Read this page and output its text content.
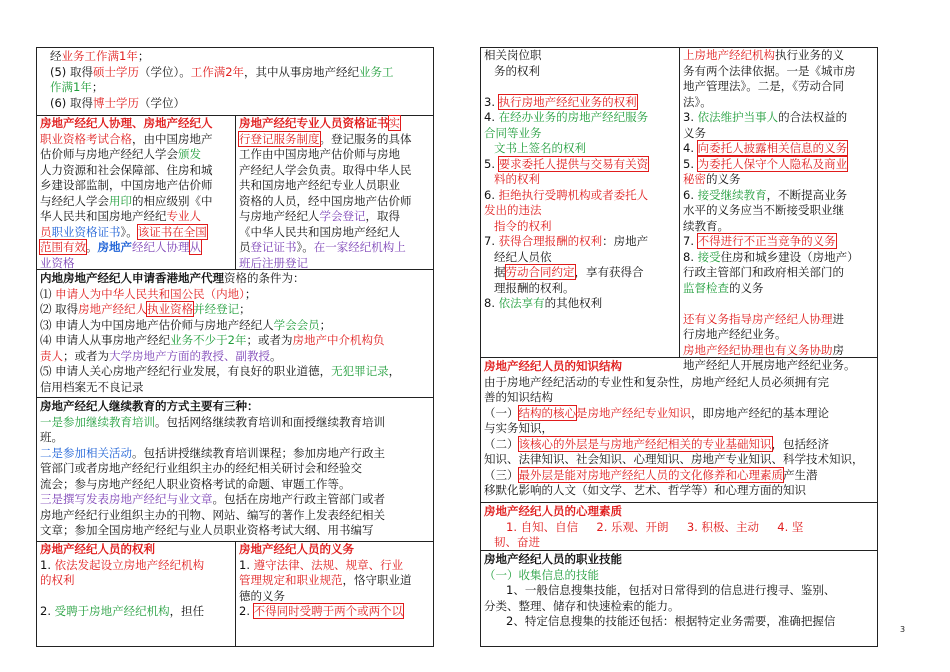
经业务工作满1年；
(5) 取得硕士学历（学位）。工作满2年，其中从事房地产经纪业务工
作满1年；
(6) 取得博士学历（学位）
房地产经纪人协理、房地产经纪人
职业资格考试合格，由中国房地产
估价师与房地产经纪人学会颁发
人力资源和社会保障部、住房和城
乡建设部监制，中国房地产估价师
与经纪人学会用印的相应级别《中
华人民共和国房地产经纪专业人
员职业资格证书》。该证书在全国
范围有效。房地产经纪人协理从
业资格
房地产经纪专业人员资格证书实
行登记服务制度。登记服务的具体
工作由中国房地产估价师与房地
产经纪人学会负责。取得中华人民
共和国房地产经纪专业人员职业
资格的人员，经中国房地产估价师
与房地产经纪人学会登记，取得
《中华人民共和国房地产经纪人
员登记证书》。在一家经纪机构上
班后注册登记
内地房地产经纪人申请香港地产代理资格的条件为：
⑴ 申请人为中华人民共和国公民（内地）；
⑵ 取得房地产经纪人执业资格并经登记；
⑶ 申请人为中国房地产估价师与房地产经纪人学会会员；
⑷ 申请人从事房地产经纪业务不少于2年；或者为房地产中介机构负
责人；或者为大学房地产方面的教授、副教授。
⑸ 申请人关心房地产经纪行业发展，有良好的职业道德，无犯罪记录，
信用档案无不良记录
房地产经纪人继续教育的方式主要有三种：
一是参加继续教育培训。包括网络继续教育培训和面授继续教育培训
班。
二是参加相关活动。包括讲授继续教育培训课程；参加房地产行政主
管部门或者房地产经纪行业组织主办的经纪相关研讨会和经验交
流会；参与房地产经纪人职业资格考试的命题、审题工作等。
三是撰写发表房地产经纪与业文章。包括在房地产行政主管部门或者
房地产经纪行业组织主办的刊物、网站、编写的著作上发表经纪相关
文章；参加全国房地产经纪与业人员职业资格考试大纲、用书编写
房地产经纪人员的权利
1. 依法发起设立房地产经纪机构
的权利

2. 受聘于房地产经纪机构，担任
房地产经纪人员的义务
1. 遵守法律、法规、规章、行业
管理规定和职业规范，恪守职业道
德的义务
2. 不得同时受聘于两个或两个以
相关岗位职
务的权利

3. 执行房地产经纪业务的权利
4. 在经办业务的房地产经纪服务
合同等业务
文书上签名的权利
5. 要求委托人提供与交易有关资
料的权利
6. 拒绝执行受聘机构或者委托人
发出的违法
指令的权利
7. 获得合理报酬的权利：房地产
经纪人员依
据劳动合同约定，享有获得合
理报酬的权利。
8. 依法享有的其他权利
上房地产经纪机构执行业务的义
务有两个法律依据。一是《城市房
地产管理法》。二是，《劳动合同
法》。
3. 依法维护当事人的合法权益的
义务
4. 向委托人披露相关信息的义务
5. 为委托人保守个人隐私及商业
秘密的义务
6. 接受继续教育，不断提高业务
水平的义务应当不断接受职业继
续教育。
7. 不得进行不正当竞争的义务
8. 接受住房和城乡建设（房地产）
行政主管部门和政府相关部门的
监督检查的义务

还有义务指导房产经纪人协理进
行房地产经纪业务。
房地产经纪协理也有义务协助房
地产经纪人开展房地产经纪业务。
房地产经纪人员的知识结构
由于房地产经纪活动的专业性和复杂性，房地产经纪人员必须拥有完
善的知识结构
（一）结构的核心是房地产经纪专业知识，即房地产经纪的基本理论
与实务知识，
（二）该核心的外层是与房地产经纪相关的专业基础知识，包括经济
知识、法律知识、社会知识、心理知识、房地产专业知识、科学技术知识，
（三）最外层是能对房地产经纪人员的文化修养和心理素质产生潜
移默化影响的人文（如文学、艺术、哲学等）和心理方面的知识
房地产经纪人员的心理素质
1. 自知、自信 2. 乐观、开朗 3. 积极、主动 4. 坚
韧、奋进
房地产经纪人员的职业技能
（一）收集信息的技能
1、一般信息搜集技能，包括对日常得到的信息进行搜寻、鉴别、
分类、整理、储存和快速检索的能力。
2、特定信息搜集的技能还包括：根据特定业务需要，准确把握信
3
